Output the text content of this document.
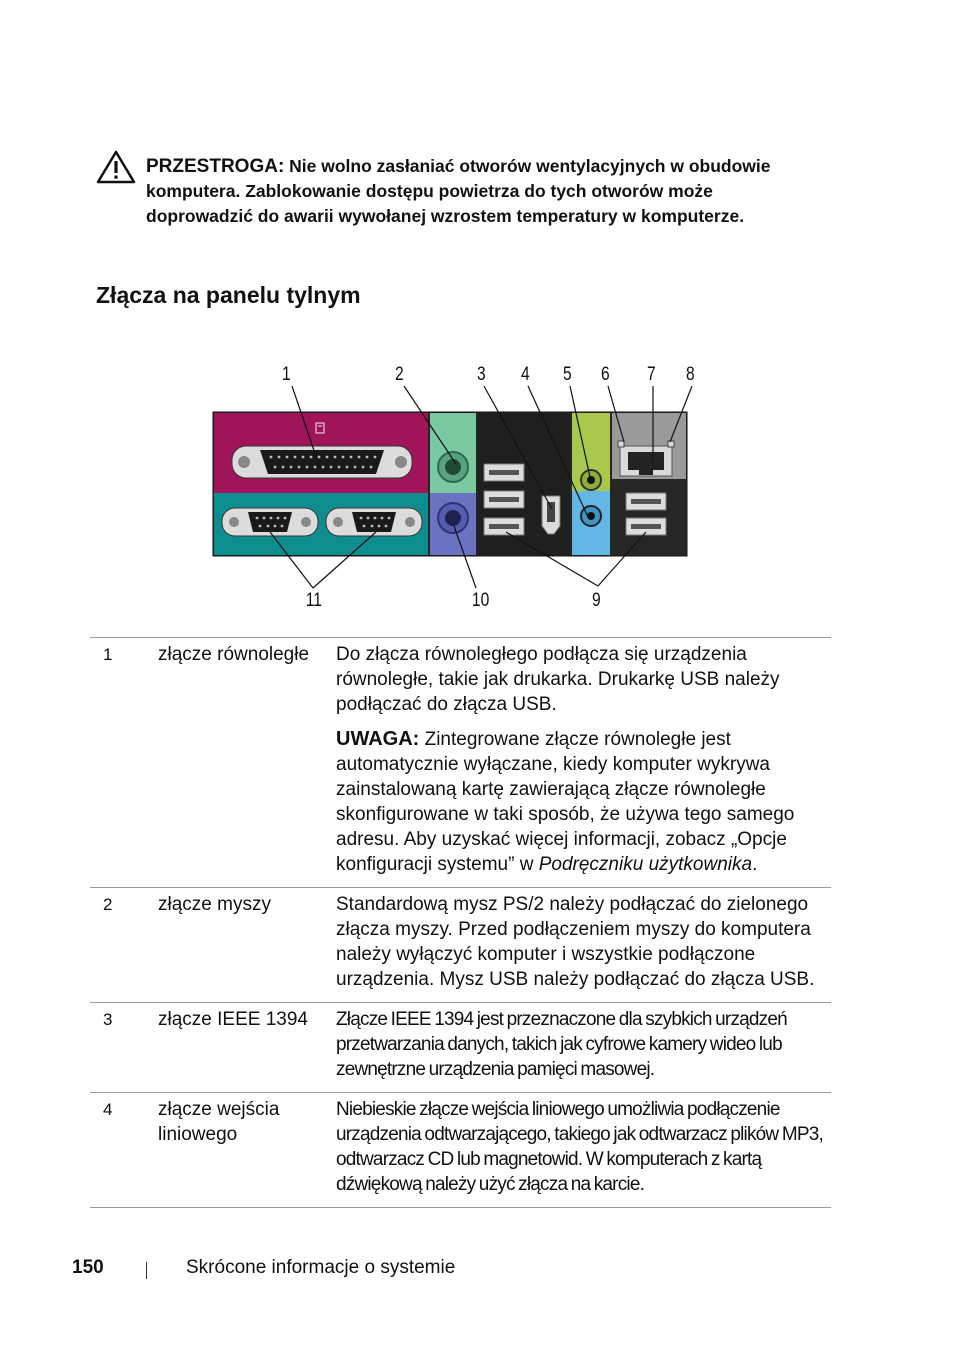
PRZESTROGA: Nie wolno zasłaniać otworów wentylacyjnych w obudowie komputera. Zablokowanie dostępu powietrza do tych otworów może doprowadzić do awarii wywołanej wzrostem temperatury w komputerze.
Złącza na panelu tylnym
1	2	3 4 5 6 7 8
11	10	9
1	złącze równoległe	Do złącza równoległego podłącza się urządzenia równoległe, takie jak drukarka. Drukarkę USB należy podłączać do złącza USB.
UWAGA: Zintegrowane złącze równoległe jest automatycznie wyłączane, kiedy komputer wykrywa zainstalowaną kartę zawierającą złącze równoległe skonfigurowane w taki sposób, że używa tego samego adresu. Aby uzyskać więcej informacji, zobacz „Opcje konfiguracji systemu” w Podręczniku użytkownika.

2	złącze myszy	Standardową mysz PS/2 należy podłączać do zielonego złącza myszy. Przed podłączeniem myszy do komputera należy wyłączyć komputer i wszystkie podłączone urządzenia. Mysz USB należy podłączać do złącza USB.
3	złącze IEEE 1394	Złącze IEEE 1394 jest przeznaczone dla szybkich urządzeń przetwarzania danych, takich jak cyfrowe kamery wideo lub zewnętrzne urządzenia pamięci masowej.
4	złącze wejścia liniowego	Niebieskie złącze wejścia liniowego umożliwia podłączenie urządzenia odtwarzającego, takiego jak odtwarzacz plików MP3, odtwarzacz CD lub magnetowid. W komputerach z kartą dźwiękową należy użyć złącza na karcie.
150	Skrócone informacje o systemie
